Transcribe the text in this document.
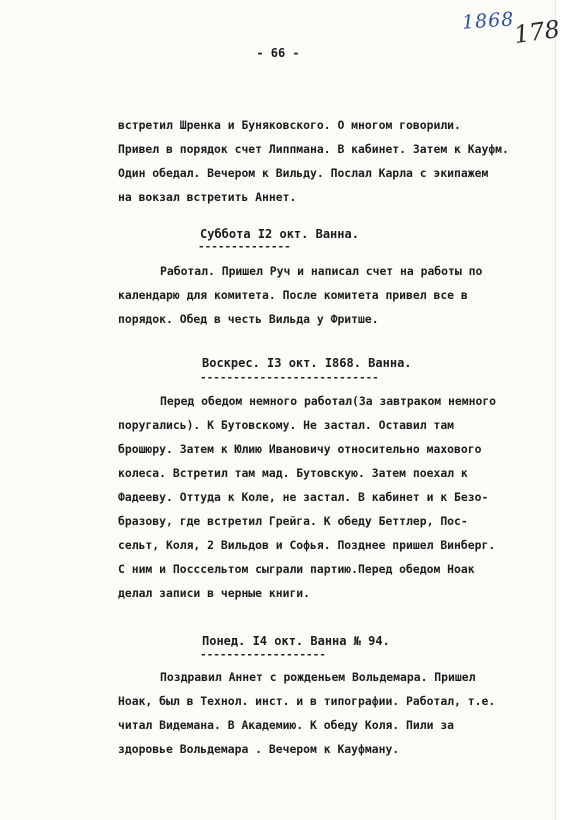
1868
178
- 66 -
встретил Шренка и Буняковского. О многом говорили.
Привел в порядок счет Липпмана. В кабинет. Затем к Кауфм.
Один обедал. Вечером к Вильду. Послал Карла с экипажем
на вокзал встретить Аннет.
Суббота I2 окт. Ванна.
--------------
Работал. Пришел Руч и написал счет на работы по
календарю для комитета. После комитета привел все в
порядок. Обед в честь Вильда у Фритше.
Воскрес. I3 окт. I868. Ванна.
---------------------------
Перед обедом немного работал(За завтраком немного
поругались). К Бутовскому. Не застал. Оставил там
брошюру. Затем к Юлию Ивановичу относительно махового
колеса. Встретил там мад. Бутовскую. Затем поехал к
Фадееву. Оттуда к Коле, не застал. В кабинет и к Безо-
бразову, где встретил Грейга. К обеду Беттлер, Пос-
сельт, Коля, 2 Вильдов и Софья. Позднее пришел Винберг.
С ним и Посссельтом сыграли партию.Перед обедом Ноак
делал записи в черные книги.
Понед. I4 окт. Ванна № 94.
-------------------
Поздравил Аннет с рожденьем Вольдемара. Пришел
Ноак, был в Технол. инст. и в типографии. Работал, т.е.
читал Видемана. В Академию. К обеду Коля. Пили за
здоровье Вольдемара . Вечером к Кауфману.
